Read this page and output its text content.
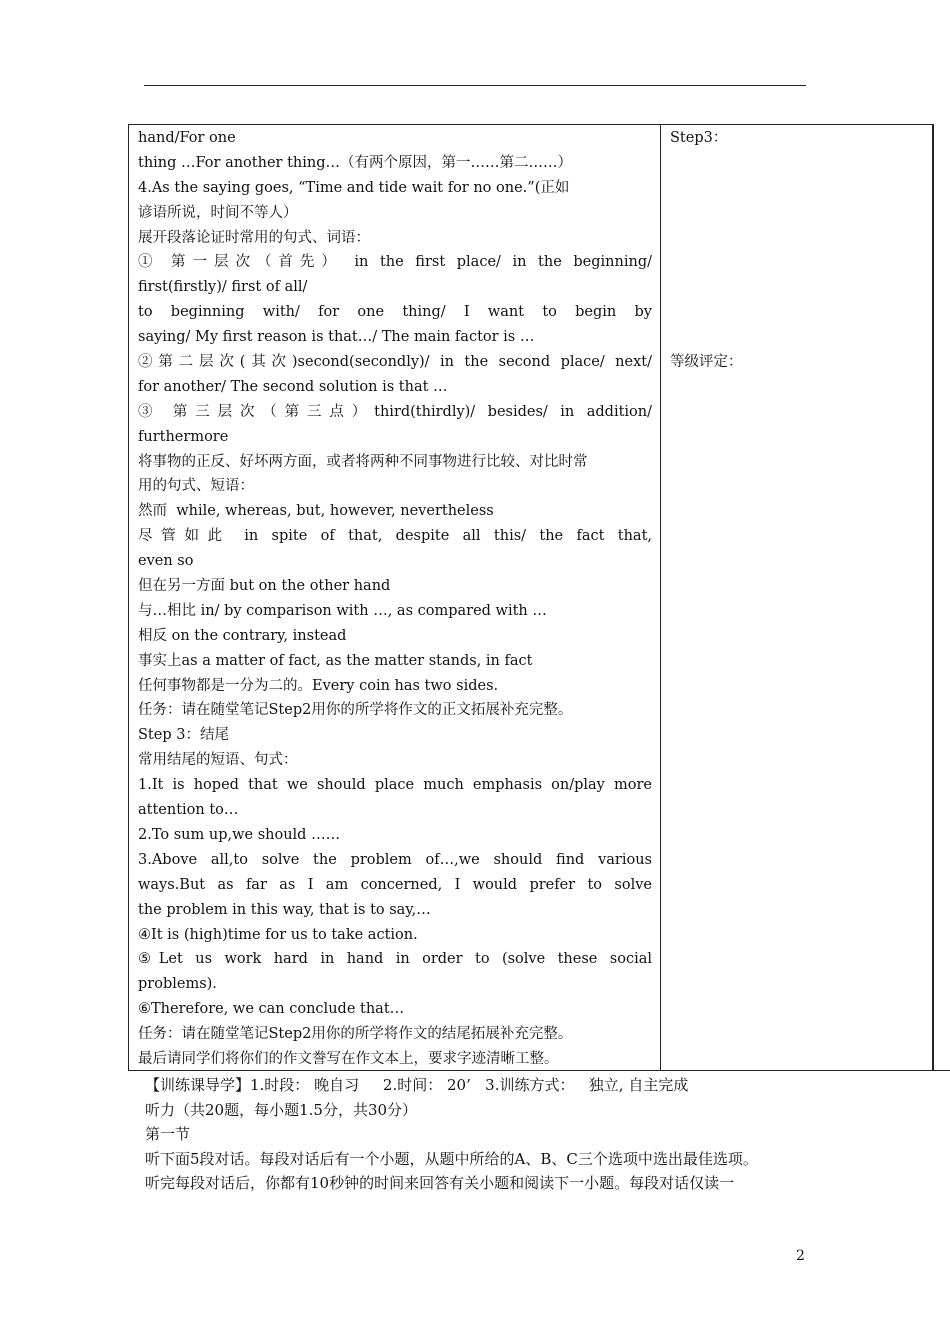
hand/For one
thing …For another thing…（有两个原因，第一……第二……）
4.As the saying goes, “Time and tide wait for no one.”(正如
谚语所说，时间不等人）
展开段落论证时常用的句式、词语：
① 第一层次（首先） in the first place/ in the beginning/
first(firstly)/ first of all/
to beginning with/ for one thing/ I want to begin by
saying/ My first reason is that…/ The main factor is …
②第二层次(其次)second(secondly)/ in the second place/ next/
for another/ The second solution is that …
③ 第三层次（第三点）third(thirdly)/ besides/ in addition/
furthermore
将事物的正反、好坏两方面，或者将两种不同事物进行比较、对比时常
用的句式、短语：
然而  while, whereas, but, however, nevertheless
尽管如此 in spite of that, despite all this/ the fact that,
even so
但在另一方面 but on the other hand
与…相比 in/ by comparison with …, as compared with …
相反 on the contrary, instead
事实上as a matter of fact, as the matter stands, in fact
任何事物都是一分为二的。Every coin has two sides.
任务：请在随堂笔记Step2用你的所学将作文的正文拓展补充完整。
Step 3：结尾
常用结尾的短语、句式：
1.It is hoped that we should place much emphasis on/play more
attention to…
2.To sum up,we should ……
3.Above all,to solve the problem of…,we should find various
ways.But as far as I am concerned, I would prefer to solve
the problem in this way, that is to say,…
④It is (high)time for us to take action.
⑤Let us work hard in hand in order to (solve these social
problems).
⑥Therefore, we can conclude that…
任务：请在随堂笔记Step2用你的所学将作文的结尾拓展补充完整。
最后请同学们将你们的作文誊写在作文本上，要求字迹清晰工整。
Step3：
等级评定：
【训练课导学】1.时段： 晚自习     2.时间： 20’   3.训练方式：   独立, 自主完成
听力（共20题，每小题1.5分，共30分）
第一节
听下面5段对话。每段对话后有一个小题，从题中所给的A、B、C三个选项中选出最佳选项。
听完每段对话后，你都有10秒钟的时间来回答有关小题和阅读下一小题。每段对话仅读一
2
